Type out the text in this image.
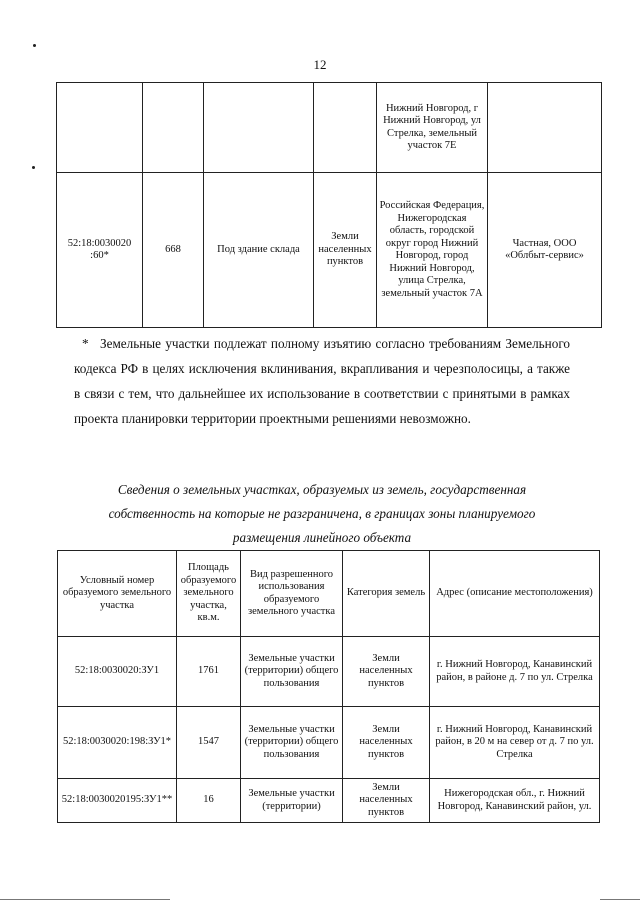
12
				Нижний Новгород, г Нижний Новгород, ул Стрелка, земельный участок 7Е	
52:18:0030020 :60*	668	Под здание склада	Земли населенных пунктов	Российская Федерация, Нижегородская область, городской округ город Нижний Новгород, город Нижний Новгород, улица Стрелка, земельный участок 7А	Частная, ООО «Облбыт-сервис»
* Земельные участки подлежат полному изъятию согласно требованиям Земельного кодекса РФ в целях исключения вклинивания, вкрапливания и черезполосицы, а также в связи с тем, что дальнейшее их использование в соответствии с принятыми в рамках проекта планировки территории проектными решениями невозможно.
Сведения о земельных участках, образуемых из земель, государственная собственность на которые не разграничена, в границах зоны планируемого размещения линейного объекта
Условный номер образуемого земельного участка	Площадь образуемого земельного участка, кв.м.	Вид разрешенного использования образуемого земельного участка	Категория земель	Адрес (описание местоположения)
52:18:0030020:ЗУ1	1761	Земельные участки (территории) общего пользования	Земли населенных пунктов	г. Нижний Новгород, Канавинский район, в районе д. 7 по ул. Стрелка
52:18:0030020:198:ЗУ1*	1547	Земельные участки (территории) общего пользования	Земли населенных пунктов	г. Нижний Новгород, Канавинский район, в 20 м на север от д. 7 по ул. Стрелка
52:18:0030020195:ЗУ1**	16	Земельные участки (территории)	Земли населенных пунктов	Нижегородская обл., г. Нижний Новгород, Канавинский район, ул.
